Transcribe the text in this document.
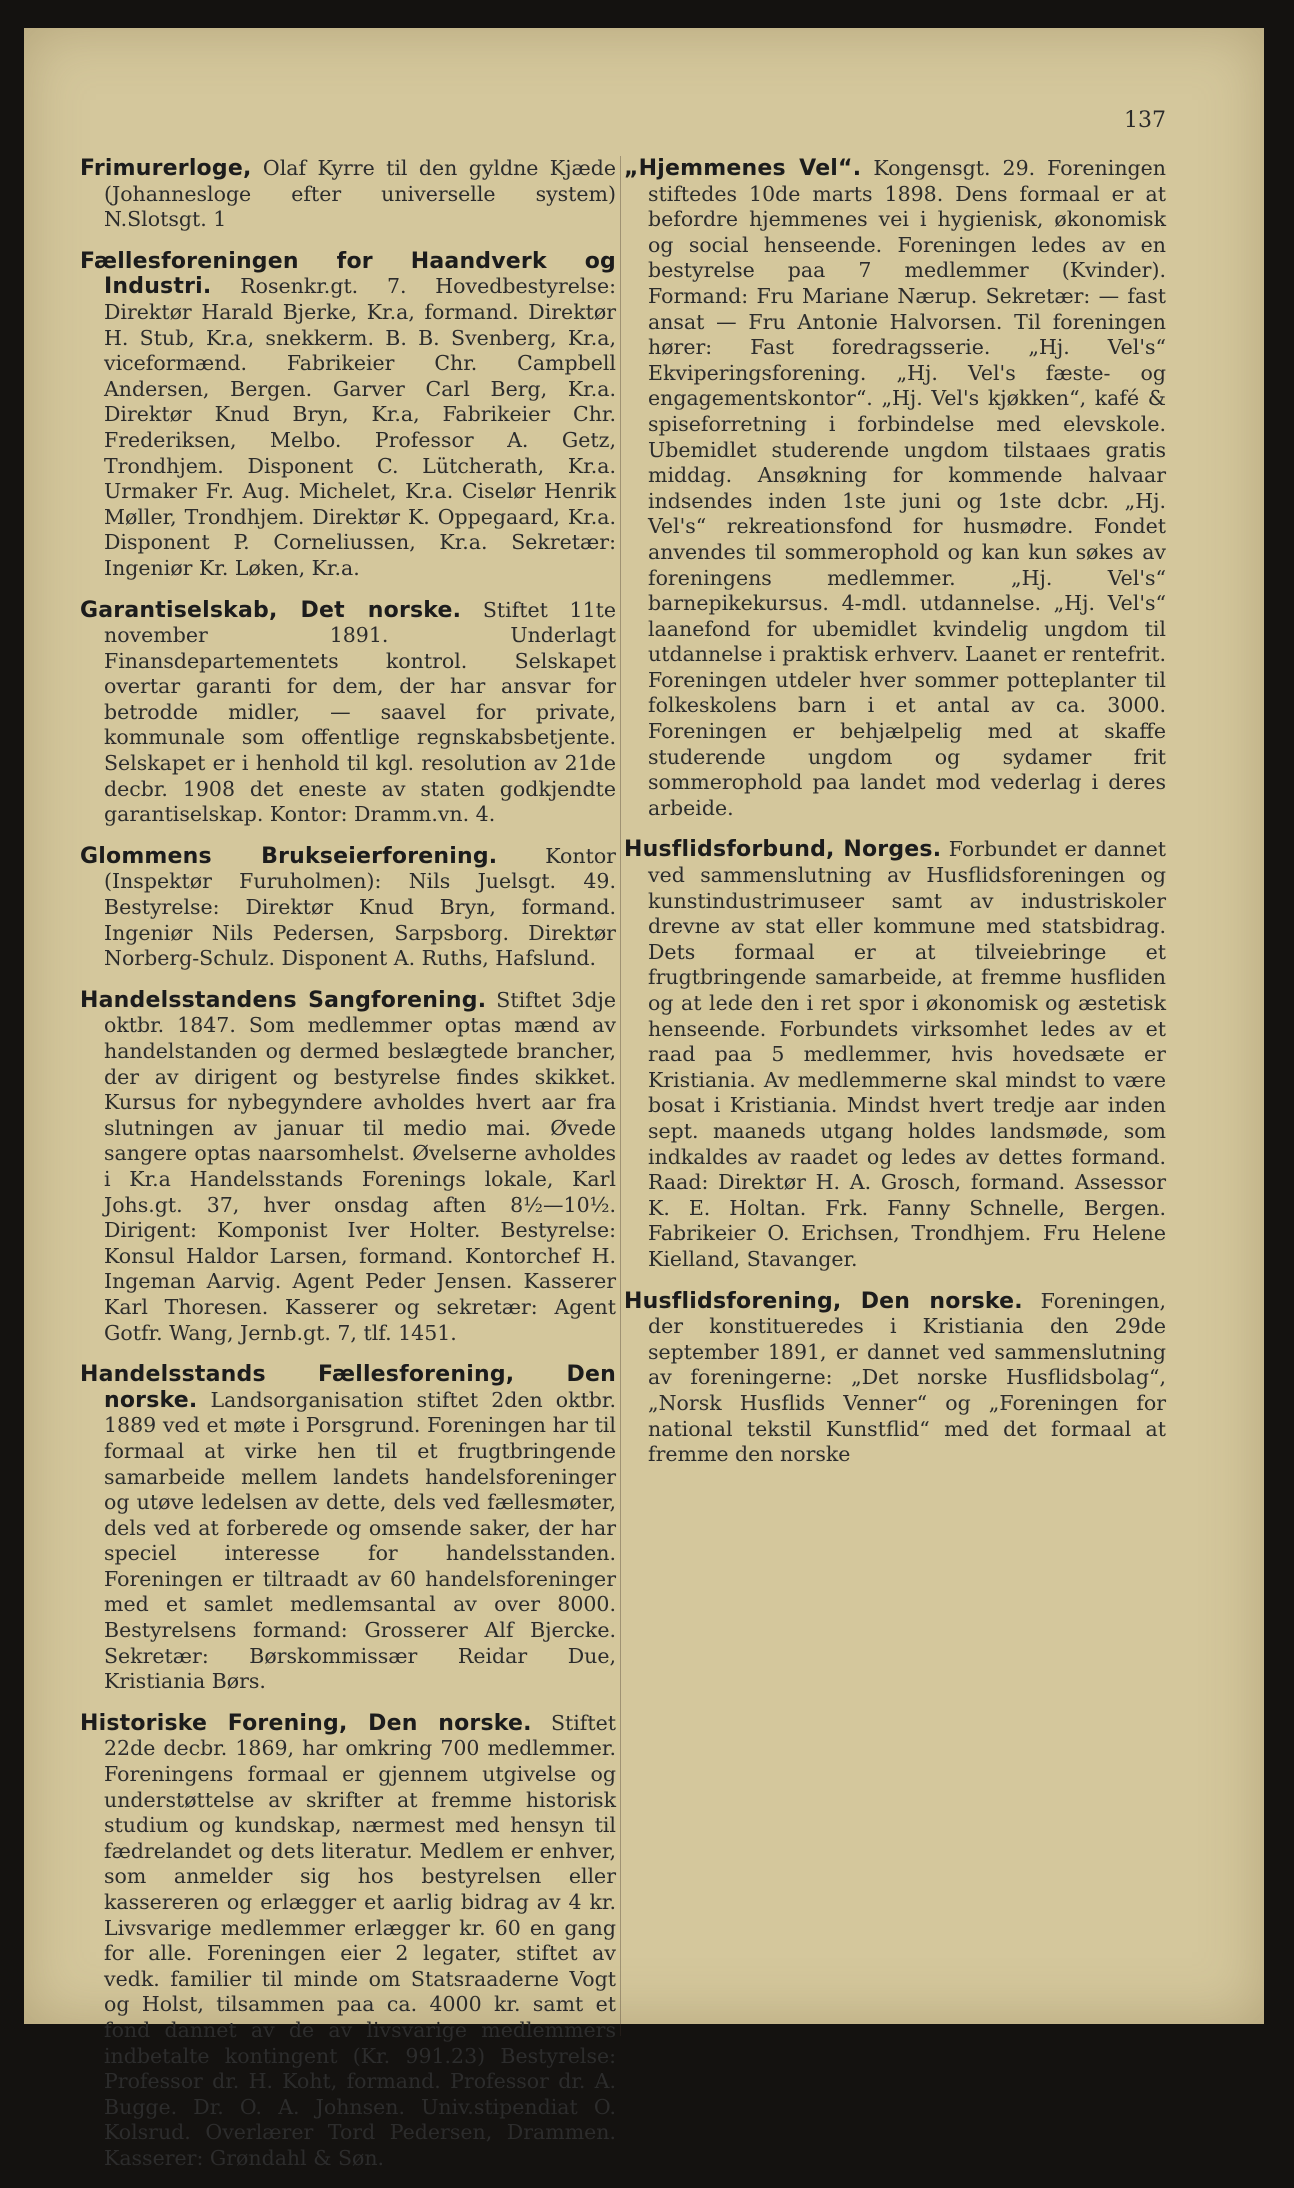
137
Frimurerloge, Olaf Kyrre til den gyldne Kjæde (Johannesloge efter universelle system) N.Slotsgt. 1
Fællesforeningen for Haandverk og Industri. Rosenkr.gt. 7. Hovedbestyrelse: Direktør Harald Bjerke, Kr.a, formand. Direktør H. Stub, Kr.a, snekkerm. B. B. Svenberg, Kr.a, viceformænd. Fabrikeier Chr. Campbell Andersen, Bergen. Garver Carl Berg, Kr.a. Direktør Knud Bryn, Kr.a, Fabrikeier Chr. Frederiksen, Melbo. Professor A. Getz, Trondhjem. Disponent C. Lütcherath, Kr.a. Urmaker Fr. Aug. Michelet, Kr.a. Ciselør Henrik Møller, Trondhjem. Direktør K. Oppegaard, Kr.a. Disponent P. Corneliussen, Kr.a. Sekretær: Ingeniør Kr. Løken, Kr.a.
Garantiselskab, Det norske. Stiftet 11te november 1891. Underlagt Finansdepartementets kontrol. Selskapet overtar garanti for dem, der har ansvar for betrodde midler, — saavel for private, kommunale som offentlige regnskabsbetjente. Selskapet er i henhold til kgl. resolution av 21de decbr. 1908 det eneste av staten godkjendte garantiselskap. Kontor: Dramm.vn. 4.
Glommens Brukseierforening. Kontor (Inspektør Furuholmen): Nils Juelsgt. 49. Bestyrelse: Direktør Knud Bryn, formand. Ingeniør Nils Pedersen, Sarpsborg. Direktør Norberg-Schulz. Disponent A. Ruths, Hafslund.
Handelsstandens Sangforening. Stiftet 3dje oktbr. 1847. Som medlemmer optas mænd av handelstanden og dermed beslægtede brancher, der av dirigent og bestyrelse findes skikket. Kursus for nybegyndere avholdes hvert aar fra slutningen av januar til medio mai. Øvede sangere optas naarsomhelst. Øvelserne avholdes i Kr.a Handelsstands Forenings lokale, Karl Johs.gt. 37, hver onsdag aften 8½—10½. Dirigent: Komponist Iver Holter. Bestyrelse: Konsul Haldor Larsen, formand. Kontorchef H. Ingeman Aarvig. Agent Peder Jensen. Kasserer Karl Thoresen. Kasserer og sekretær: Agent Gotfr. Wang, Jernb.gt. 7, tlf. 1451.
Handelsstands Fællesforening, Den norske. Landsorganisation stiftet 2den oktbr. 1889 ved et møte i Porsgrund. Foreningen har til formaal at virke hen til et frugtbringende samarbeide mellem landets handelsforeninger og utøve ledelsen av dette, dels ved fællesmøter, dels ved at forberede og omsende saker, der har speciel interesse for handelsstanden. Foreningen er tiltraadt av 60 handelsforeninger med et samlet medlemsantal av over 8000. Bestyrelsens formand: Grosserer Alf Bjercke. Sekretær: Børskommissær Reidar Due, Kristiania Børs.
Historiske Forening, Den norske. Stiftet 22de decbr. 1869, har omkring 700 medlemmer. Foreningens formaal er gjennem utgivelse og understøttelse av skrifter at fremme historisk studium og kundskap, nærmest med hensyn til fædrelandet og dets literatur. Medlem er enhver, som anmelder sig hos bestyrelsen eller kassereren og erlægger et aarlig bidrag av 4 kr. Livsvarige medlemmer erlægger kr. 60 en gang for alle. Foreningen eier 2 legater, stiftet av vedk. familier til minde om Statsraaderne Vogt og Holst, tilsammen paa ca. 4000 kr. samt et fond dannet av de av livsvarige medlemmers indbetalte kontingent (Kr. 991.23) Bestyrelse: Professor dr. H. Koht, formand. Professor dr. A. Bugge. Dr. O. A. Johnsen. Univ.stipendiat O. Kolsrud. Overlærer Tord Pedersen, Drammen. Kasserer: Grøndahl & Søn.
„Hjemmenes Vel“. Kongensgt. 29. Foreningen stiftedes 10de marts 1898. Dens formaal er at befordre hjemmenes vei i hygienisk, økonomisk og social henseende. Foreningen ledes av en bestyrelse paa 7 medlemmer (Kvinder). Formand: Fru Mariane Nærup. Sekretær: — fast ansat — Fru Antonie Halvorsen. Til foreningen hører: Fast foredragsserie. „Hj. Vel's“ Ekviperingsforening. „Hj. Vel's fæste- og engagementskontor“. „Hj. Vel's kjøkken“, kafé & spiseforretning i forbindelse med elevskole. Ubemidlet studerende ungdom tilstaaes gratis middag. Ansøkning for kommende halvaar indsendes inden 1ste juni og 1ste dcbr. „Hj. Vel's“ rekreationsfond for husmødre. Fondet anvendes til sommerophold og kan kun søkes av foreningens medlemmer. „Hj. Vel's“ barnepikekursus. 4-mdl. utdannelse. „Hj. Vel's“ laanefond for ubemidlet kvindelig ungdom til utdannelse i praktisk erhverv. Laanet er rentefrit. Foreningen utdeler hver sommer potteplanter til folkeskolens barn i et antal av ca. 3000. Foreningen er behjælpelig med at skaffe studerende ungdom og sydamer frit sommerophold paa landet mod vederlag i deres arbeide.
Husflidsforbund, Norges. Forbundet er dannet ved sammenslutning av Husflidsforeningen og kunstindustrimuseer samt av industriskoler drevne av stat eller kommune med statsbidrag. Dets formaal er at tilveiebringe et frugtbringende samarbeide, at fremme husfliden og at lede den i ret spor i økonomisk og æstetisk henseende. Forbundets virksomhet ledes av et raad paa 5 medlemmer, hvis hovedsæte er Kristiania. Av medlemmerne skal mindst to være bosat i Kristiania. Mindst hvert tredje aar inden sept. maaneds utgang holdes landsmøde, som indkaldes av raadet og ledes av dettes formand. Raad: Direktør H. A. Grosch, formand. Assessor K. E. Holtan. Frk. Fanny Schnelle, Bergen. Fabrikeier O. Erichsen, Trondhjem. Fru Helene Kielland, Stavanger.
Husflidsforening, Den norske. Foreningen, der konstitueredes i Kristiania den 29de september 1891, er dannet ved sammenslutning av foreningerne: „Det norske Husflidsbolag“, „Norsk Husflids Venner“ og „Foreningen for national tekstil Kunstflid“ med det formaal at fremme den norske
